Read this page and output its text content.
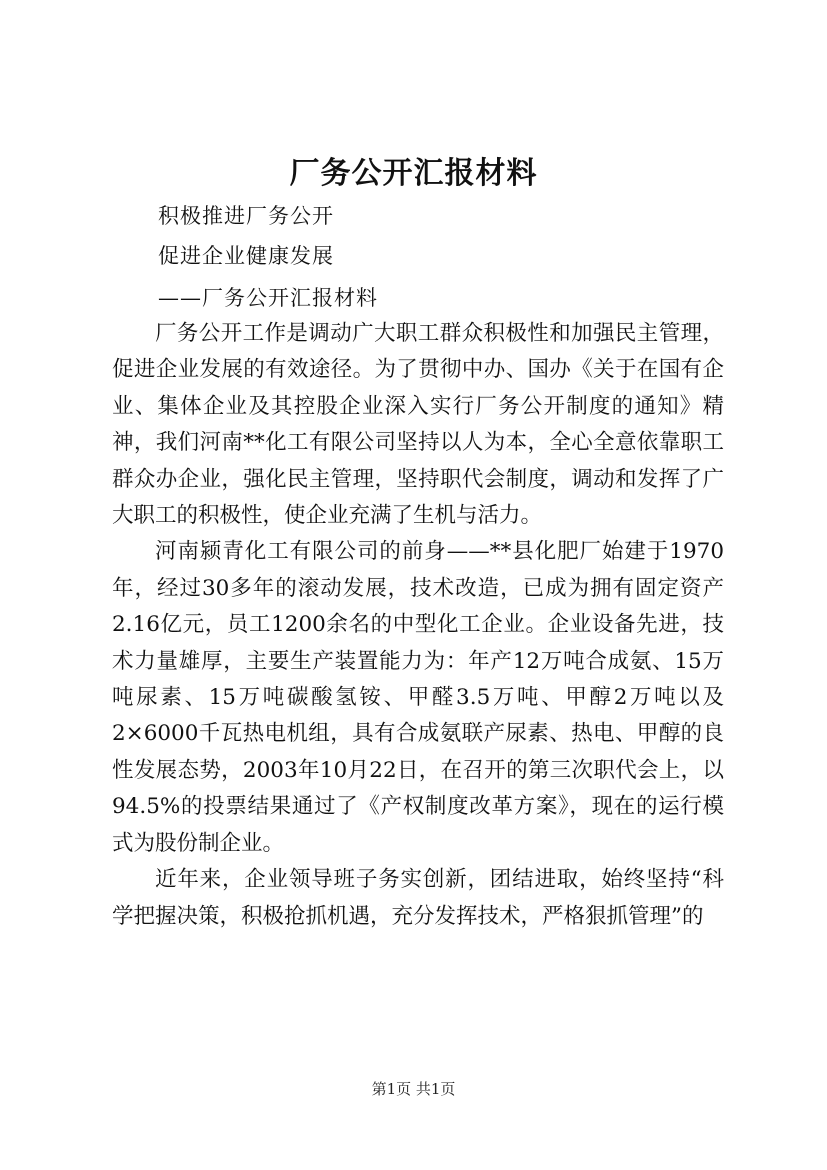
厂务公开汇报材料
积极推进厂务公开
促进企业健康发展
——厂务公开汇报材料

厂务公开工作是调动广大职工群众积极性和加强民主管理，促进企业发展的有效途径。为了贯彻中办、国办《关于在国有企业、集体企业及其控股企业深入实行厂务公开制度的通知》精神，我们河南**化工有限公司坚持以人为本，全心全意依靠职工群众办企业，强化民主管理，坚持职代会制度，调动和发挥了广大职工的积极性，使企业充满了生机与活力。

河南颍青化工有限公司的前身——**县化肥厂始建于1970年，经过30多年的滚动发展，技术改造，已成为拥有固定资产2.16亿元，员工1200余名的中型化工企业。企业设备先进，技术力量雄厚，主要生产装置能力为：年产12万吨合成氨、15万吨尿素、15万吨碳酸氢铵、甲醛3.5万吨、甲醇2万吨以及2×6000千瓦热电机组，具有合成氨联产尿素、热电、甲醇的良性发展态势，2003年10月22日，在召开的第三次职代会上，以94.5%的投票结果通过了《产权制度改革方案》，现在的运行模式为股份制企业。

近年来，企业领导班子务实创新，团结进取，始终坚持“科学把握决策，积极抢抓机遇，充分发挥技术，严格狠抓管理”的

第1页 共1页
